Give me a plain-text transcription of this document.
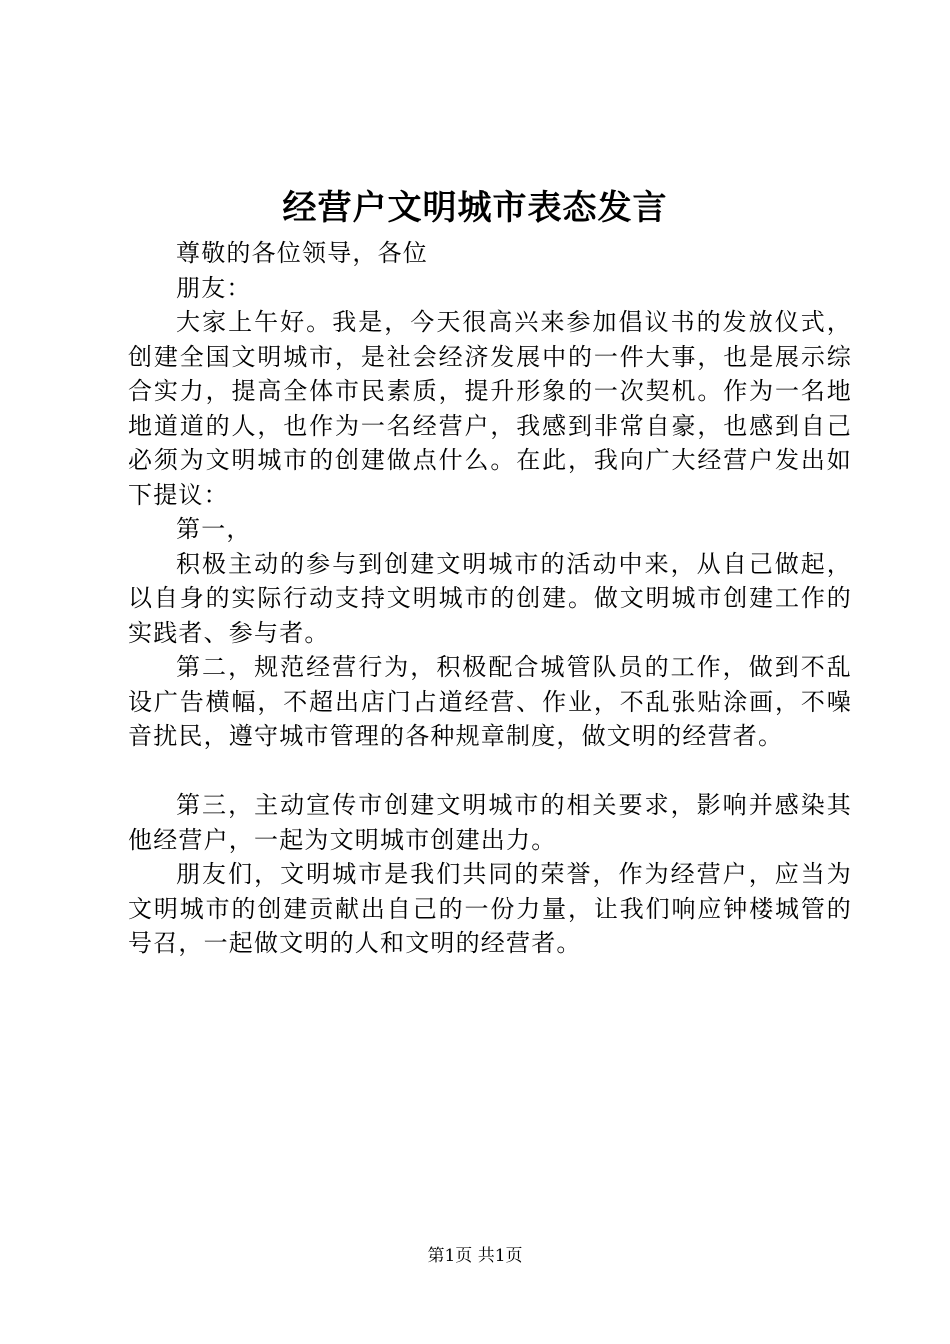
经营户文明城市表态发言

尊敬的各位领导，各位

朋友：

大家上午好。我是，今天很高兴来参加倡议书的发放仪式，创建全国文明城市，是社会经济发展中的一件大事，也是展示综合实力，提高全体市民素质，提升形象的一次契机。作为一名地地道道的人，也作为一名经营户，我感到非常自豪，也感到自己必须为文明城市的创建做点什么。在此，我向广大经营户发出如下提议：

第一，

积极主动的参与到创建文明城市的活动中来，从自己做起，以自身的实际行动支持文明城市的创建。做文明城市创建工作的实践者、参与者。

第二，规范经营行为，积极配合城管队员的工作，做到不乱设广告横幅，不超出店门占道经营、作业，不乱张贴涂画，不噪音扰民，遵守城市管理的各种规章制度，做文明的经营者。

第三，主动宣传市创建文明城市的相关要求，影响并感染其他经营户，一起为文明城市创建出力。

朋友们，文明城市是我们共同的荣誉，作为经营户，应当为文明城市的创建贡献出自己的一份力量，让我们响应钟楼城管的号召，一起做文明的人和文明的经营者。

第1页 共1页
